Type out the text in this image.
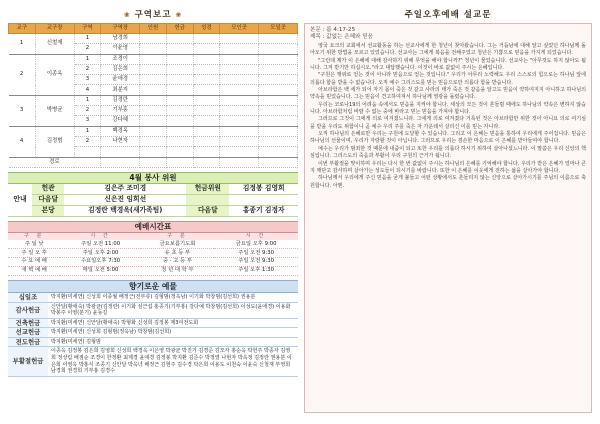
❀ 구역보고 ❀
교구	교구장	구역	구역장	인원	헌금	성경	모인곳	모일곳
1	신철재	1	남경희					
		2	이윤영					
2	이종옥	1	조경이					
		2	김은희					
		3	윤애경					
		4	최분지					
3	박병균	1	김경란					
		2	기부홍					
		3	강다혜					
4	김정범	1	백경옥					
		2	나현자					

경로								
4월 봉사 위원
안내	헌관	김은주 조미경	헌금위원	김정봉 김영희
	다음달	신은진 임희선		
	본당	김정란 백경옥(새가족팀)	다음달	홍종기 김정자
예배시간표
구 분	시 간	구 분	시 간
주 일 낮	주일 오전 11:00	금요보름기도회	금요일 오후 9:00
주 일 오 후	주일 오후 2:00	유 초 등 부	주일 오전 9:30
수 요 예 배	수요일오후 7:30	중 · 고 등 부	주일 오전 9:30
새 벽 예 배	매일 오전 5:00	청 년 대 학 부	주일 오후 1:30
향기로운 예물
십일조	박지환(미세연) 신성희 이종월 배정근(전부류) 김형범(정옥남) 이기화 박창범(김선희) 권용분
감사헌금	신안달(황애숙) 박광균(김정란) 이기화 심근섭 홍종기(기부홍) 강다예 박창범(김선희) 이성도(윤애경) 이용화 박봉주 이영(분기) 윤동길
건축헌금	박지환(미세연) 신안달(황애숙) 박형화 신성희 김정봉 제3여전도회
선교헌금	박지환(미세연) 신성희 김형범(정옥남) 박창범(김선희)
전도헌금	박지환(미세연) 김형범
부활절헌금	이종옥 김정봉 김은희 김영희 신성희 백경옥 이은영 박광균 박진기 김경준 김모자 홍순옥 탁헌주 박종자 김영희 정상림 배점순 조경이 한정환 최제경 윤애경 김정봉 박지환 김준수 박정열 나현자 박옥정 김정란 권용분 이은희 이영옥 박홍식 조종기 신안달 박옥녀 배정근 김현주 김수경 탁은희 이용도 이천숙 이윤숙 신철재 부영희 남경희 권경희 기부홍 김경수
주일오후예배 설교문
본문 : 롬 4:17-25
제목 : 값없는 은혜와 믿음

영국 요크의 교회에서 선교활동을 하는 선교사에게 한 청년이 찾아왔습니다. 그는 거듭남에 대해 알고 싶었던 하나님께 돌아오기 위한 방법을 모르고 있었습니다. 선교사는 그에게 복음을 전해주었고 청년은 기쁨으로 믿음을 가지게 되었습니다.

"그런데 제가 이 은혜에 대해 감사하기 위해 무엇을 해야 합니까?" 청년이 물었습니다. 선교사는 "아무것도 하지 않아도 됩니다. 그저 받기만 하십시오."라고 대답했습니다. 이것이 바로 값없이 주시는 은혜입니다.

"구원은 행위로 얻는 것이 아니라 믿음으로 얻는 것입니다." 우리가 아무리 노력해도 우리 스스로의 힘으로는 하나님 앞에 의롭다 함을 받을 수 없습니다. 오직 예수 그리스도를 믿는 믿음으로만 의롭다 함을 받습니다.

아브라함은 백 세가 되어 자기 몸이 죽은 것 같고 사라의 태가 죽은 것 같음을 알고도 믿음이 약하여지지 아니하고 하나님의 약속을 믿었습니다. 그는 믿음이 견고하여져서 하나님께 영광을 돌렸습니다.

우리는 코로나19의 어려움 속에서도 믿음을 지켜야 합니다. 세상의 모든 것이 흔들릴 때에도 하나님의 약속은 변하지 않습니다. 아브라함처럼 바랄 수 없는 중에 바라고 믿는 믿음을 가져야 합니다.

그러므로 그것이 그에게 의로 여겨졌느니라. 그에게 의로 여겨졌다 기록된 것은 아브라함만 위한 것이 아니요 의로 여기심을 받을 우리도 위함이니 곧 예수 우리 주를 죽은 자 가운데서 살리신 이를 믿는 자니라.

오직 하나님의 은혜로만 우리는 구원에 도달할 수 있습니다. 그리고 이 은혜는 믿음을 통하여 우리에게 주어집니다. 믿음은 하나님의 선물이며, 우리가 자랑할 것이 아닙니다. 그러므로 우리는 겸손한 마음으로 이 은혜를 받아들여야 합니다.

예수는 우리가 범죄한 것 때문에 내줌이 되고 또한 우리를 의롭다 하시기 위하여 살아나셨느니라. 이 말씀은 우리 신앙의 핵심입니다. 그리스도의 죽음과 부활이 우리 구원의 근거가 됩니다.

이번 부활절을 맞이하며 우리는 다시 한 번 값없이 주시는 하나님의 은혜를 기억해야 합니다. 우리가 받은 은혜가 얼마나 큰지 깨닫고 감사하며 살아가는 성도들이 되시기를 바랍니다. 또한 이 은혜를 이웃에게 전하는 삶을 살아가야 합니다.

하나님께서 우리에게 주신 믿음을 굳게 붙들고 어떤 상황에서도 흔들리지 않는 신앙으로 살아가시기를 주님의 이름으로 축원합니다. 아멘.
